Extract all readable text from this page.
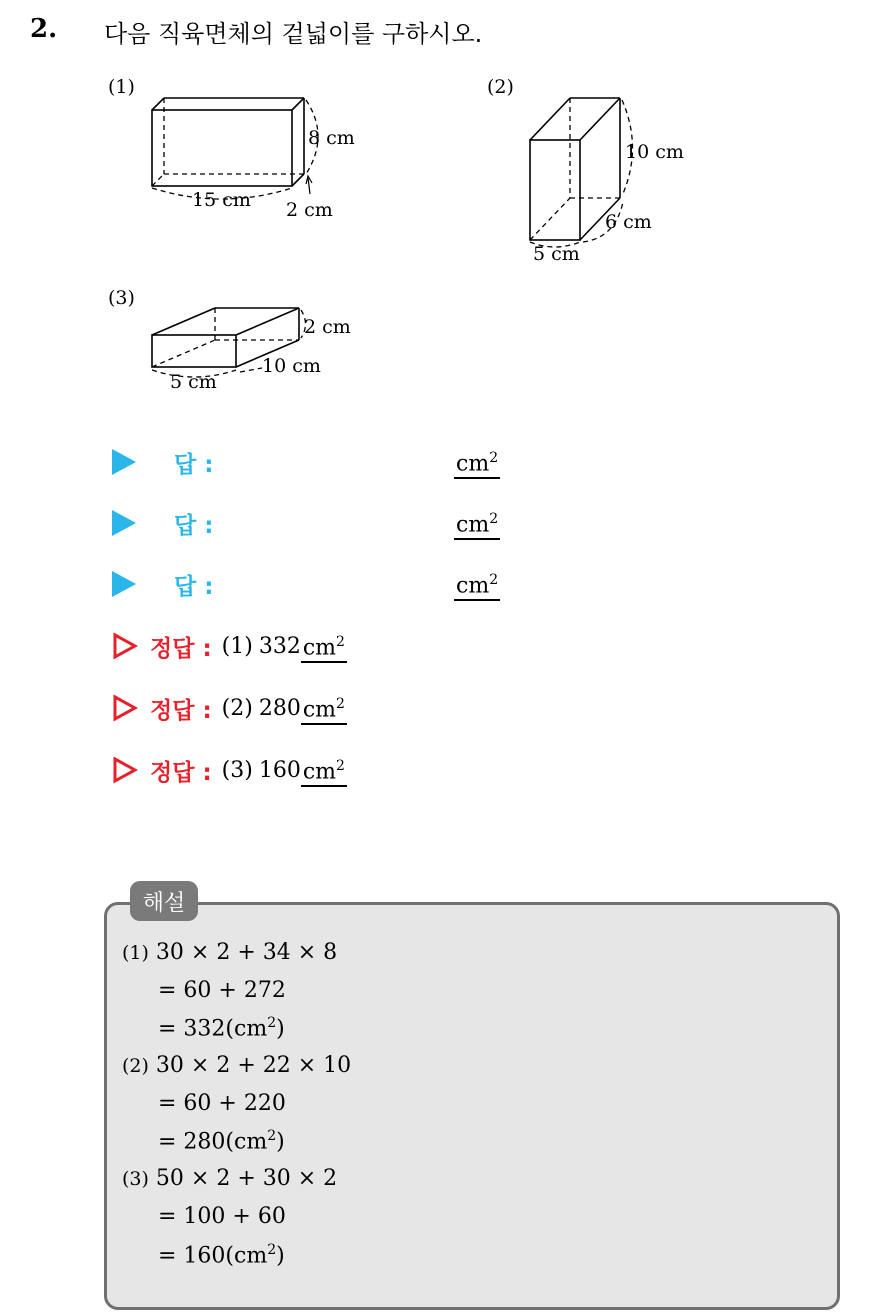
2. 다음 직육면체의 겉넓이를 구하시오.
(1)
8 cm
15 cm 2 cm
(2)
10 cm
6 cm
5 cm
(3)
2 cm
10 cm
5 cm
답 :	$cm^2$
답 :	$cm^2$
답 :	$cm^2$
정답 : (1) 332 $cm^2$
정답 : (2) 280 $cm^2$
정답 : (3) 160 $cm^2$
해설
(1) 30 × 2 + 34 × 8
= 60 + 272
= $332(cm^2)$
(2) 30 × 2 + 22 × 10
= 60 + 220
= $280(cm^2)$
(3) 50 × 2 + 30 × 2
= 100 + 60
= $160(cm^2)$
